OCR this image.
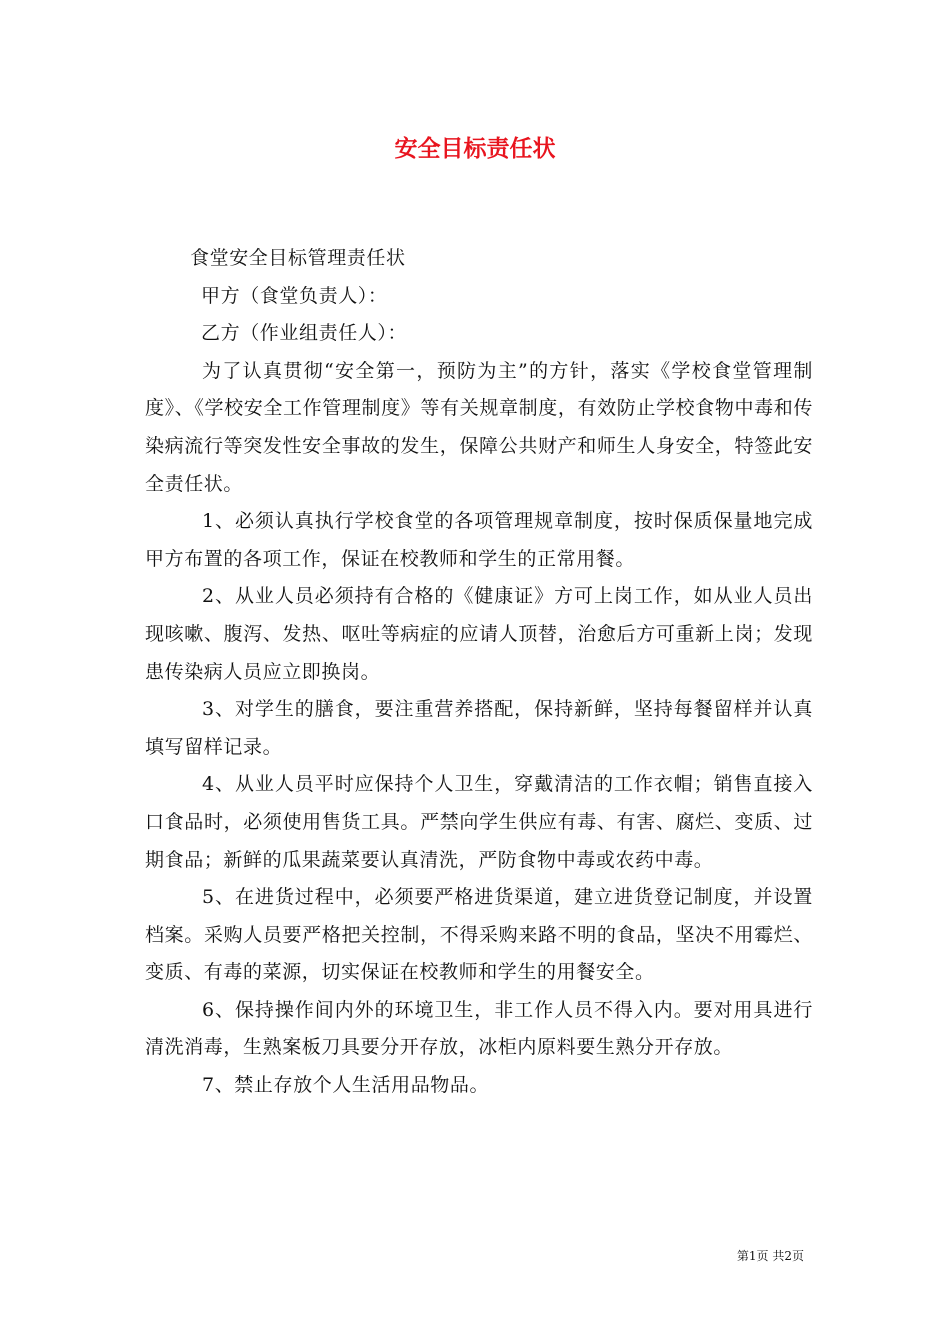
安全目标责任状

食堂安全目标管理责任状

甲方（食堂负责人）：

乙方（作业组责任人）：

为了认真贯彻“安全第一，预防为主”的方针，落实《学校食堂管理制度》、《学校安全工作管理制度》等有关规章制度，有效防止学校食物中毒和传染病流行等突发性安全事故的发生，保障公共财产和师生人身安全，特签此安全责任状。

1、必须认真执行学校食堂的各项管理规章制度，按时保质保量地完成甲方布置的各项工作，保证在校教师和学生的正常用餐。

2、从业人员必须持有合格的《健康证》方可上岗工作，如从业人员出现咳嗽、腹泻、发热、呕吐等病症的应请人顶替，治愈后方可重新上岗；发现患传染病人员应立即换岗。

3、对学生的膳食，要注重营养搭配，保持新鲜，坚持每餐留样并认真填写留样记录。

4、从业人员平时应保持个人卫生，穿戴清洁的工作衣帽；销售直接入口食品时，必须使用售货工具。严禁向学生供应有毒、有害、腐烂、变质、过期食品；新鲜的瓜果蔬菜要认真清洗，严防食物中毒或农药中毒。

5、在进货过程中，必须要严格进货渠道，建立进货登记制度，并设置档案。采购人员要严格把关控制，不得采购来路不明的食品，坚决不用霉烂、变质、有毒的菜源，切实保证在校教师和学生的用餐安全。

6、保持操作间内外的环境卫生，非工作人员不得入内。要对用具进行清洗消毒，生熟案板刀具要分开存放，冰柜内原料要生熟分开存放。

7、禁止存放个人生活用品物品。

第1页 共2页
